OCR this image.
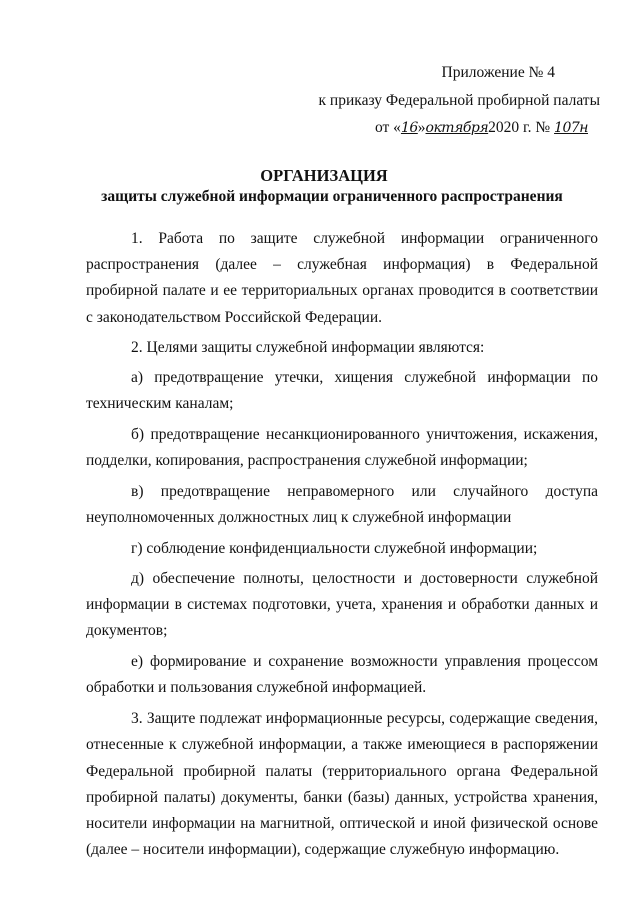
Приложение № 4
к приказу Федеральной пробирной палаты
от «16»октября2020 г. № 107н
ОРГАНИЗАЦИЯ
защиты служебной информации ограниченного распространения

1. Работа по защите служебной информации ограниченного распространения (далее – служебная информация) в Федеральной пробирной палате и ее территориальных органах проводится в соответствии с законодательством Российской Федерации.

2. Целями защиты служебной информации являются:

а) предотвращение утечки, хищения служебной информации по техническим каналам;

б) предотвращение несанкционированного уничтожения, искажения, подделки, копирования, распространения служебной информации;

в) предотвращение неправомерного или случайного доступа неуполномоченных должностных лиц к служебной информации

г) соблюдение конфиденциальности служебной информации;

д) обеспечение полноты, целостности и достоверности служебной информации в системах подготовки, учета, хранения и обработки данных и документов;

е) формирование и сохранение возможности управления процессом обработки и пользования служебной информацией.

3. Защите подлежат информационные ресурсы, содержащие сведения, отнесенные к служебной информации, а также имеющиеся в распоряжении Федеральной пробирной палаты (территориального органа Федеральной пробирной палаты) документы, банки (базы) данных, устройства хранения, носители информации на магнитной, оптической и иной физической основе (далее – носители информации), содержащие служебную информацию.
